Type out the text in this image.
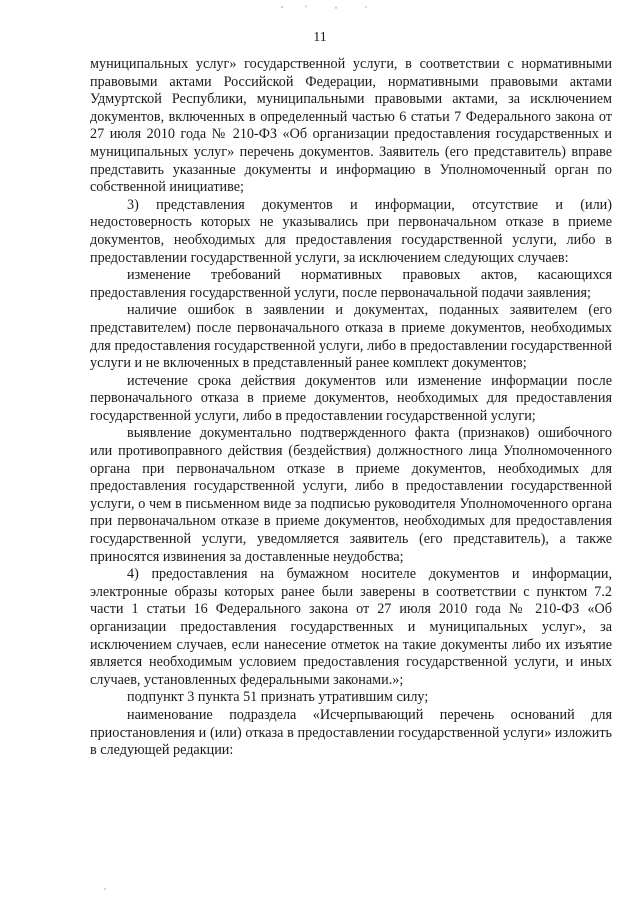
11

муниципальных услуг» государственной услуги, в соответствии с нормативными правовыми актами Российской Федерации, нормативными правовыми актами Удмуртской Республики, муниципальными правовыми актами, за исключением документов, включенных в определенный частью 6 статьи 7 Федерального закона от 27 июля 2010 года № 210-ФЗ «Об организации предоставления государственных и муниципальных услуг» перечень документов. Заявитель (его представитель) вправе представить указанные документы и информацию в Уполномоченный орган по собственной инициативе;

3) представления документов и информации, отсутствие и (или) недостоверность которых не указывались при первоначальном отказе в приеме документов, необходимых для предоставления государственной услуги, либо в предоставлении государственной услуги, за исключением следующих случаев:

изменение требований нормативных правовых актов, касающихся предоставления государственной услуги, после первоначальной подачи заявления;

наличие ошибок в заявлении и документах, поданных заявителем (его представителем) после первоначального отказа в приеме документов, необходимых для предоставления государственной услуги, либо в предоставлении государственной услуги и не включенных в представленный ранее комплект документов;

истечение срока действия документов или изменение информации после первоначального отказа в приеме документов, необходимых для предоставления государственной услуги, либо в предоставлении государственной услуги;

выявление документально подтвержденного факта (признаков) ошибочного или противоправного действия (бездействия) должностного лица Уполномоченного органа при первоначальном отказе в приеме документов, необходимых для предоставления государственной услуги, либо в предоставлении государственной услуги, о чем в письменном виде за подписью руководителя Уполномоченного органа при первоначальном отказе в приеме документов, необходимых для предоставления государственной услуги, уведомляется заявитель (его представитель), а также приносятся извинения за доставленные неудобства;

4) предоставления на бумажном носителе документов и информации, электронные образы которых ранее были заверены в соответствии с пунктом 7.2 части 1 статьи 16 Федерального закона от 27 июля 2010 года № 210-ФЗ «Об организации предоставления государственных и муниципальных услуг», за исключением случаев, если нанесение отметок на такие документы либо их изъятие является необходимым условием предоставления государственной услуги, и иных случаев, установленных федеральными законами.»;

подпункт 3 пункта 51 признать утратившим силу;

наименование подраздела «Исчерпывающий перечень оснований для приостановления и (или) отказа в предоставлении государственной услуги» изложить в следующей редакции:
